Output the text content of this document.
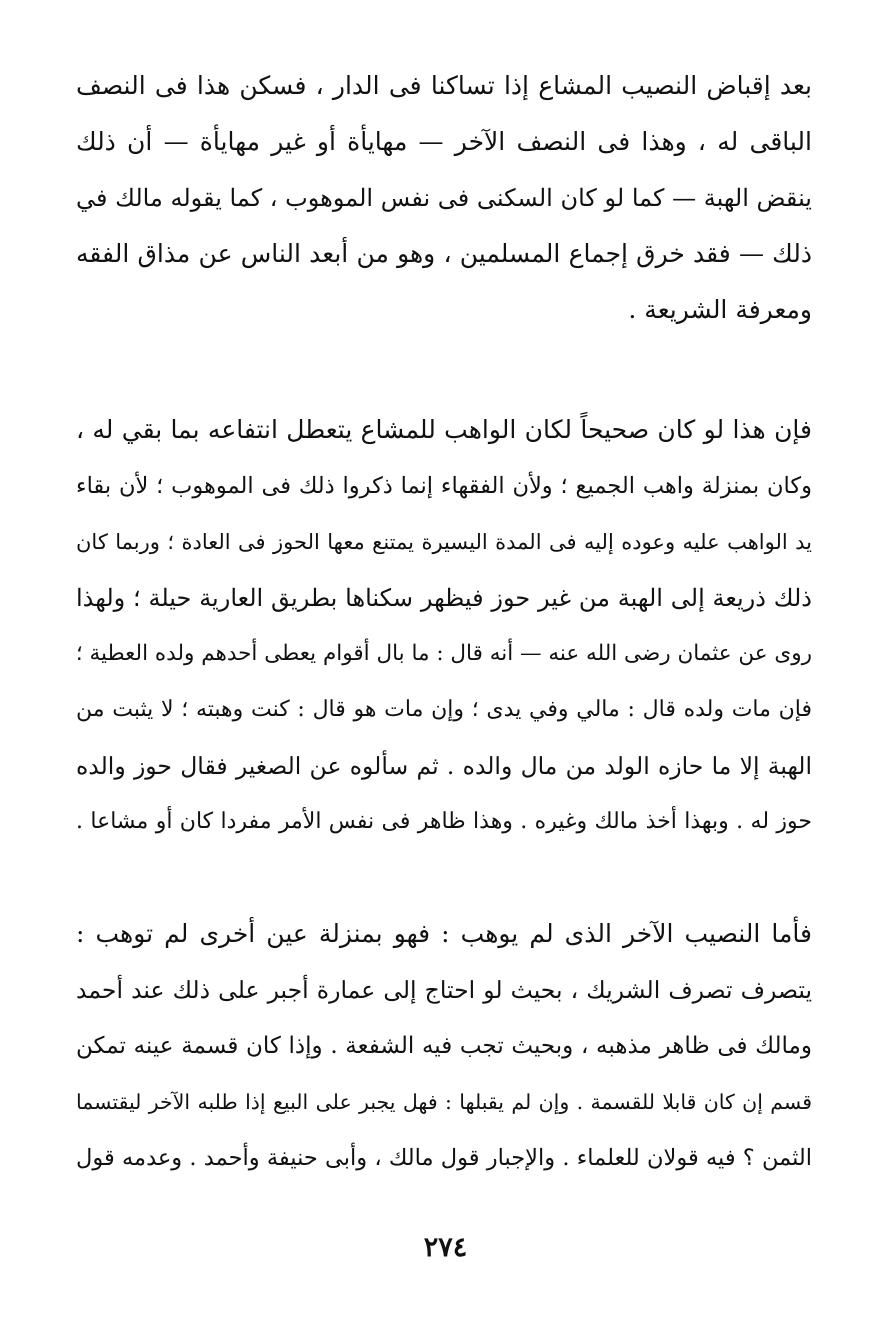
بعد إقباض النصيب المشاع إذا تساكنا فى الدار ، فسكن هذا فى النصف
الباقى له ، وهذا فى النصف الآخر — مهايأة أو غير مهايأة — أن ذلك
ينقض الهبة — كما لو كان السكنى فى نفس الموهوب ، كما يقوله مالك في
ذلك — فقد خرق إجماع المسلمين ، وهو من أبعد الناس عن مذاق الفقه
ومعرفة الشريعة .
فإن هذا لو كان صحيحاً لكان الواهب للمشاع يتعطل انتفاعه بما بقي له ،
وكان بمنزلة واهب الجميع ؛ ولأن الفقهاء إنما ذكروا ذلك فى الموهوب ؛ لأن بقاء
يد الواهب عليه وعوده إليه فى المدة اليسيرة يمتنع معها الحوز فى العادة ؛ وربما كان
ذلك ذريعة إلى الهبة من غير حوز فيظهر سكناها بطريق العارية حيلة ؛ ولهذا
روى عن عثمان رضى الله عنه — أنه قال : ما بال أقوام يعطى أحدهم ولده العطية ؛
فإن مات ولده قال : مالي وفي يدى ؛ وإن مات هو قال : كنت وهبته ؛ لا يثبت من
الهبة إلا ما حازه الولد من مال والده . ثم سألوه عن الصغير فقال حوز والده
حوز له . وبهذا أخذ مالك وغيره . وهذا ظاهر فى نفس الأمر مفردا كان أو مشاعا .
فأما النصيب الآخر الذى لم يوهب : فهو بمنزلة عين أخرى لم توهب :
يتصرف تصرف الشريك ، بحيث لو احتاج إلى عمارة أجبر على ذلك عند أحمد
ومالك فى ظاهر مذهبه ، وبحيث تجب فيه الشفعة . وإذا كان قسمة عينه تمكن
قسم إن كان قابلا للقسمة . وإن لم يقبلها : فهل يجبر على البيع إذا طلبه الآخر ليقتسما
الثمن ؟ فيه قولان للعلماء . والإجبار قول مالك ، وأبى حنيفة وأحمد . وعدمه قول
٢٧٤
